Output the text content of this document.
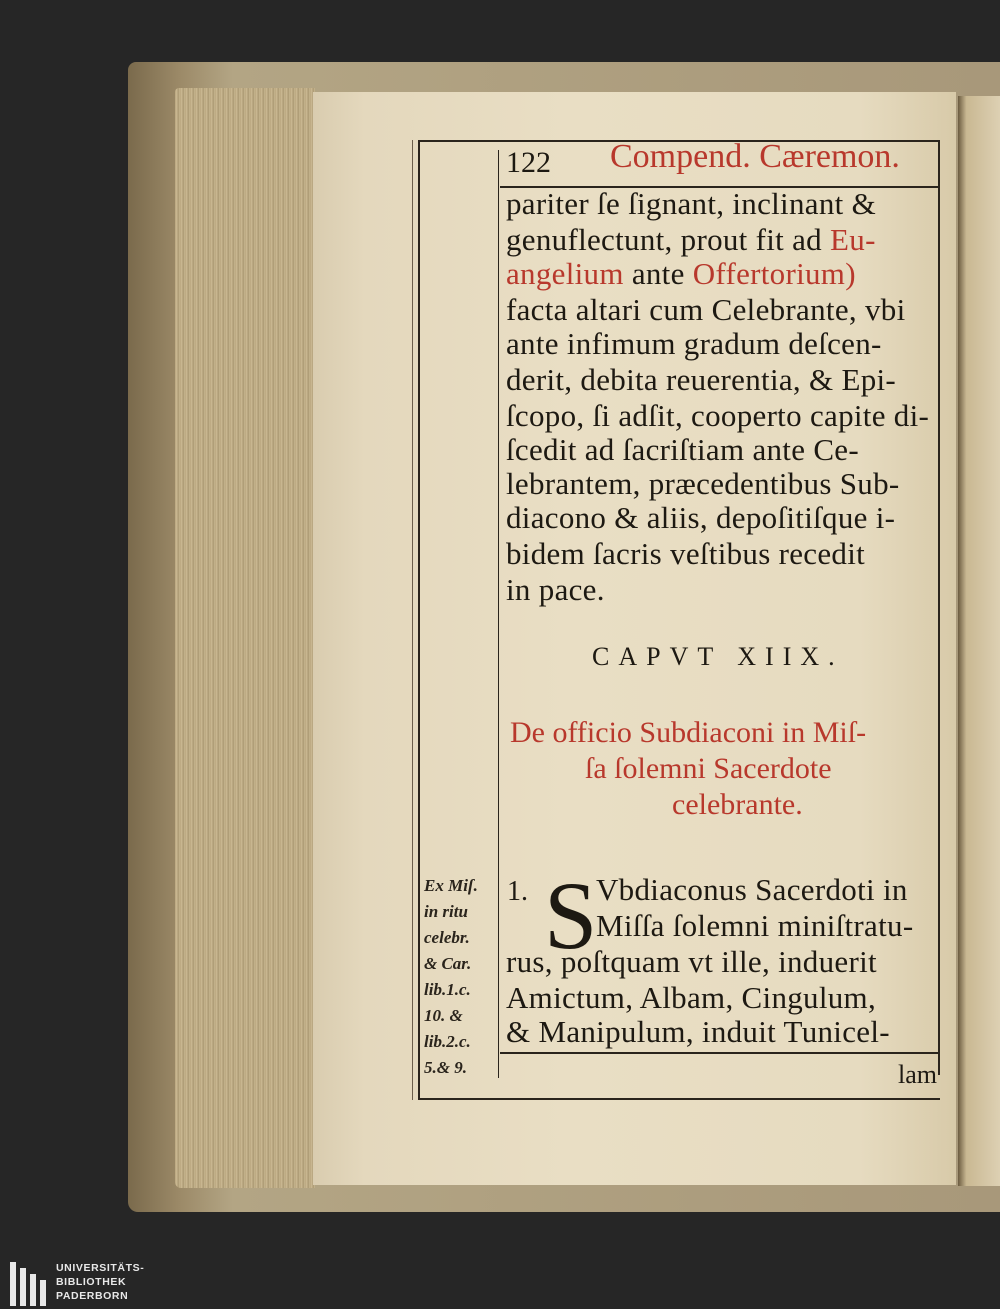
122 Compend. Cæremon.
pariter ſe ſignant, inclinant &
genuflectunt, prout fit ad Eu-
angelium ante Offertorium)
facta altari cum Celebrante, vbi
ante infimum gradum deſcen-
derit, debita reuerentia, & Epi-
ſcopo, ſi adſit, cooperto capite di-
ſcedit ad ſacriſtiam ante Ce-
lebrantem, præcedentibus Sub-
diacono & aliis, depoſitiſque i-
bidem ſacris veſtibus recedit
in pace.
CAPVT XIIX.
De officio Subdiaconi in Miſ-
ſa ſolemni Sacerdote
celebrante.
1. S
Vbdiaconus Sacerdoti in
Miſſa ſolemni miniſtratu-
rus, poſtquam vt ille, induerit
Amictum, Albam, Cingulum,
& Manipulum, induit Tunicel-
lam
Ex Miſ.
in ritu
celebr.
& Car.
lib.1.c.
10. &
lib.2.c.
5.& 9.
UNIVERSITÄTS-
BIBLIOTHEK
PADERBORN
